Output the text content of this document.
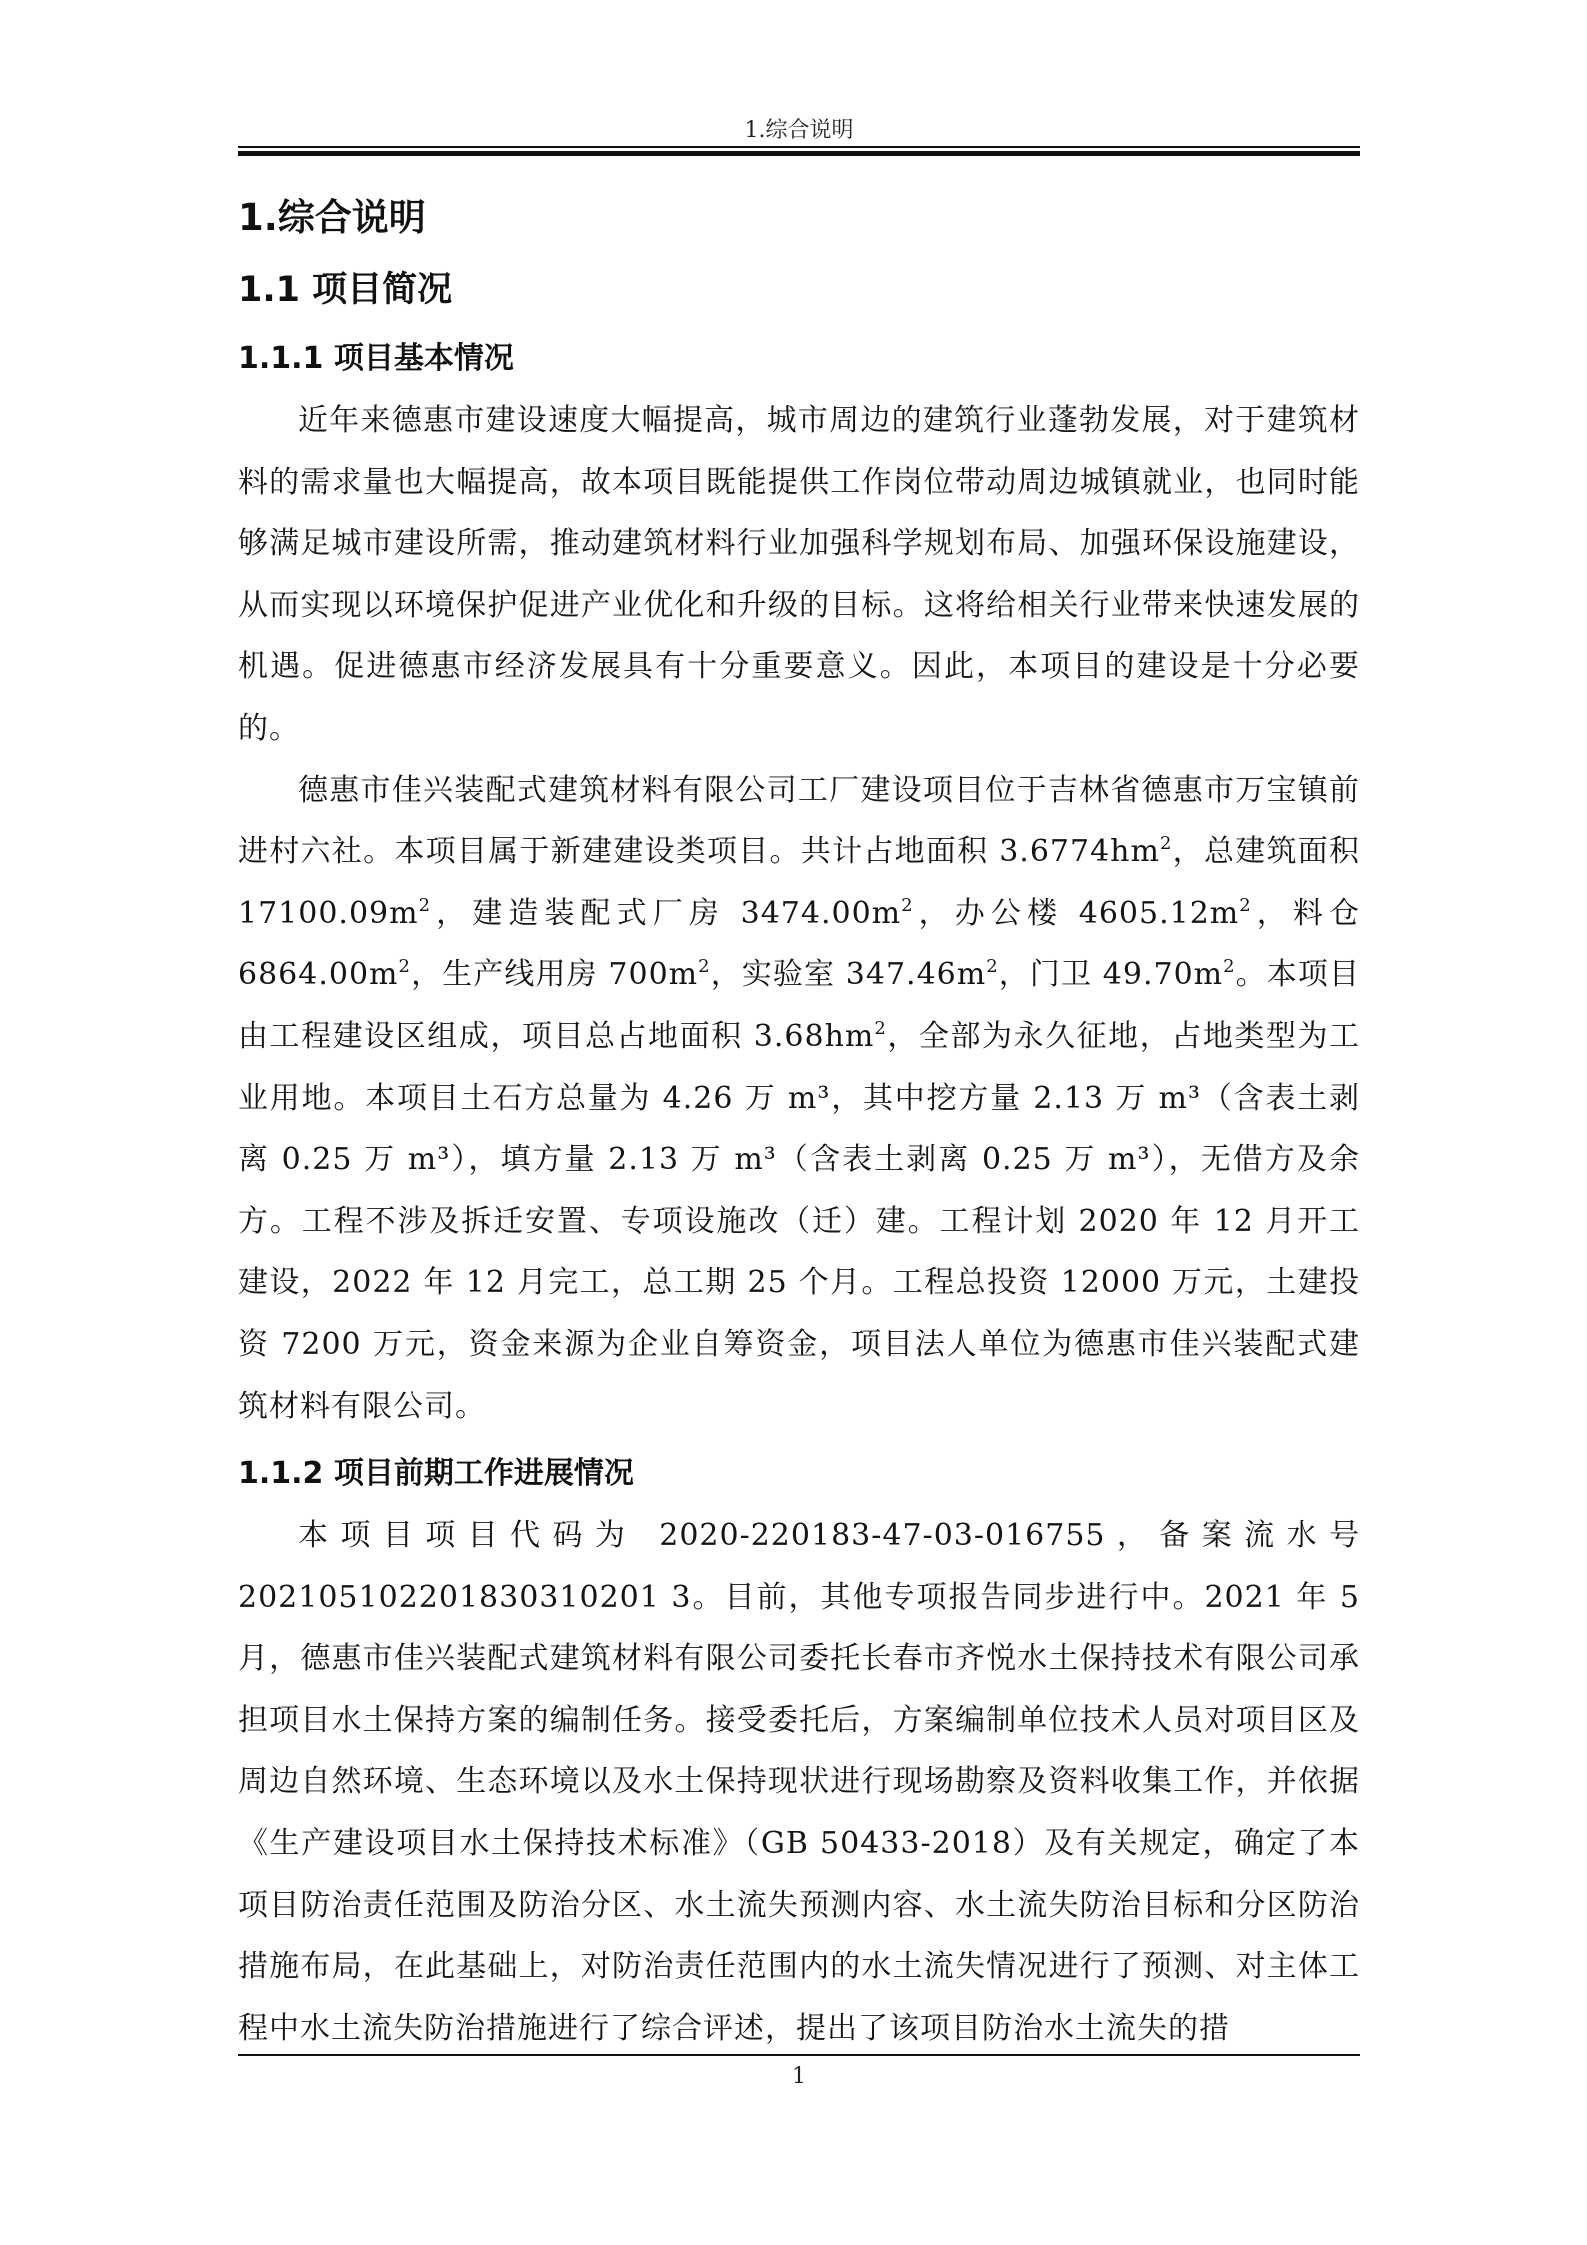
1.综合说明
1.综合说明
1.1 项目简况
1.1.1 项目基本情况

近年来德惠市建设速度大幅提高，城市周边的建筑行业蓬勃发展，对于建筑材料的需求量也大幅提高，故本项目既能提供工作岗位带动周边城镇就业，也同时能够满足城市建设所需，推动建筑材料行业加强科学规划布局、加强环保设施建设，从而实现以环境保护促进产业优化和升级的目标。这将给相关行业带来快速发展的机遇。促进德惠市经济发展具有十分重要意义。因此，本项目的建设是十分必要的。

德惠市佳兴装配式建筑材料有限公司工厂建设项目位于吉林省德惠市万宝镇前进村六社。本项目属于新建建设类项目。共计占地面积 $3.6774hm^2$，总建筑面积 $17100.09m^2$，建造装配式厂房 $3474.00m^2$，办公楼 $4605.12m^2$，料仓 $6864.00m^2$，生产线用房 $700m^2$，实验室 $347.46m^2$，门卫 $49.70m^2$。本项目由工程建设区组成，项目总占地面积 $3.68hm^2$，全部为永久征地，占地类型为工业用地。本项目土石方总量为 4.26 万 m³，其中挖方量 2.13 万 m³（含表土剥离 0.25 万 m³），填方量 2.13 万 m³（含表土剥离 0.25 万 m³），无借方及余方。工程不涉及拆迁安置、专项设施改（迁）建。工程计划 2020 年 12 月开工建设，2022 年 12 月完工，总工期 25 个月。工程总投资 12000 万元，土建投资 7200 万元，资金来源为企业自筹资金，项目法人单位为德惠市佳兴装配式建筑材料有限公司。

1.1.2 项目前期工作进展情况

本项目项目代码为 2020-220183-47-03-016755，备案流水号 202105102201830310201 3。目前，其他专项报告同步进行中。2021 年 5 月，德惠市佳兴装配式建筑材料有限公司委托长春市齐悦水土保持技术有限公司承担项目水土保持方案的编制任务。接受委托后，方案编制单位技术人员对项目区及周边自然环境、生态环境以及水土保持现状进行现场勘察及资料收集工作，并依据《生产建设项目水土保持技术标准》（GB 50433-2018）及有关规定，确定了本项目防治责任范围及防治分区、水土流失预测内容、水土流失防治目标和分区防治措施布局，在此基础上，对防治责任范围内的水土流失情况进行了预测、对主体工程中水土流失防治措施进行了综合评述，提出了该项目防治水土流失的措

1
